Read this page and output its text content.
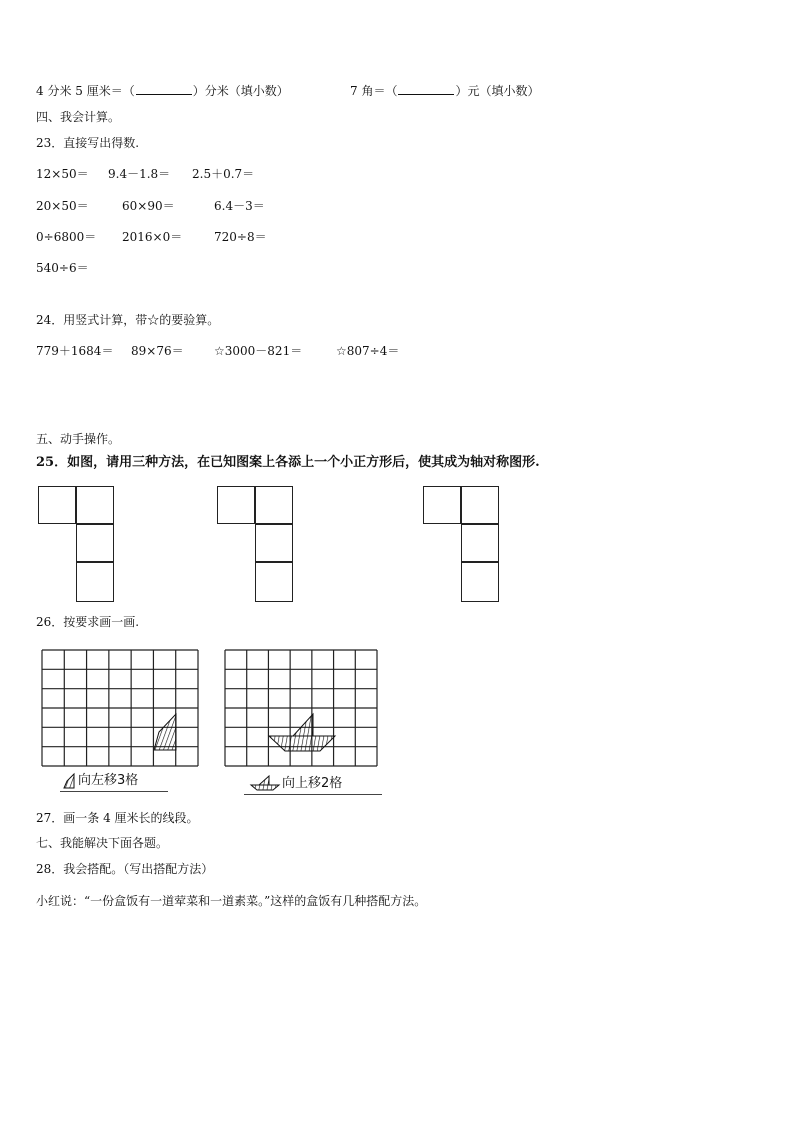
4 分米 5 厘米＝（	）分米（填小数）	7 角＝（	）元（填小数）
四、我会计算。
23．直接写出得数.
12×50＝ 9.4－1.8＝ 2.5＋0.7＝
20×50＝	60×90＝	6.4－3＝
0÷6800＝ 2016×0＝	720÷8＝
540÷6＝
24．用竖式计算，带☆的要验算。
779＋1684＝ 89×76＝	☆3000－821＝	☆807÷4＝
五、动手操作。
25．如图，请用三种方法，在已知图案上各添上一个小正方形后，使其成为轴对称图形.
26．按要求画一画.
向左移3格	向上移2格
27．画一条 4 厘米长的线段。
七、我能解决下面各题。
28．我会搭配。（写出搭配方法）
小红说：“一份盒饭有一道荤菜和一道素菜。”这样的盒饭有几种搭配方法。
